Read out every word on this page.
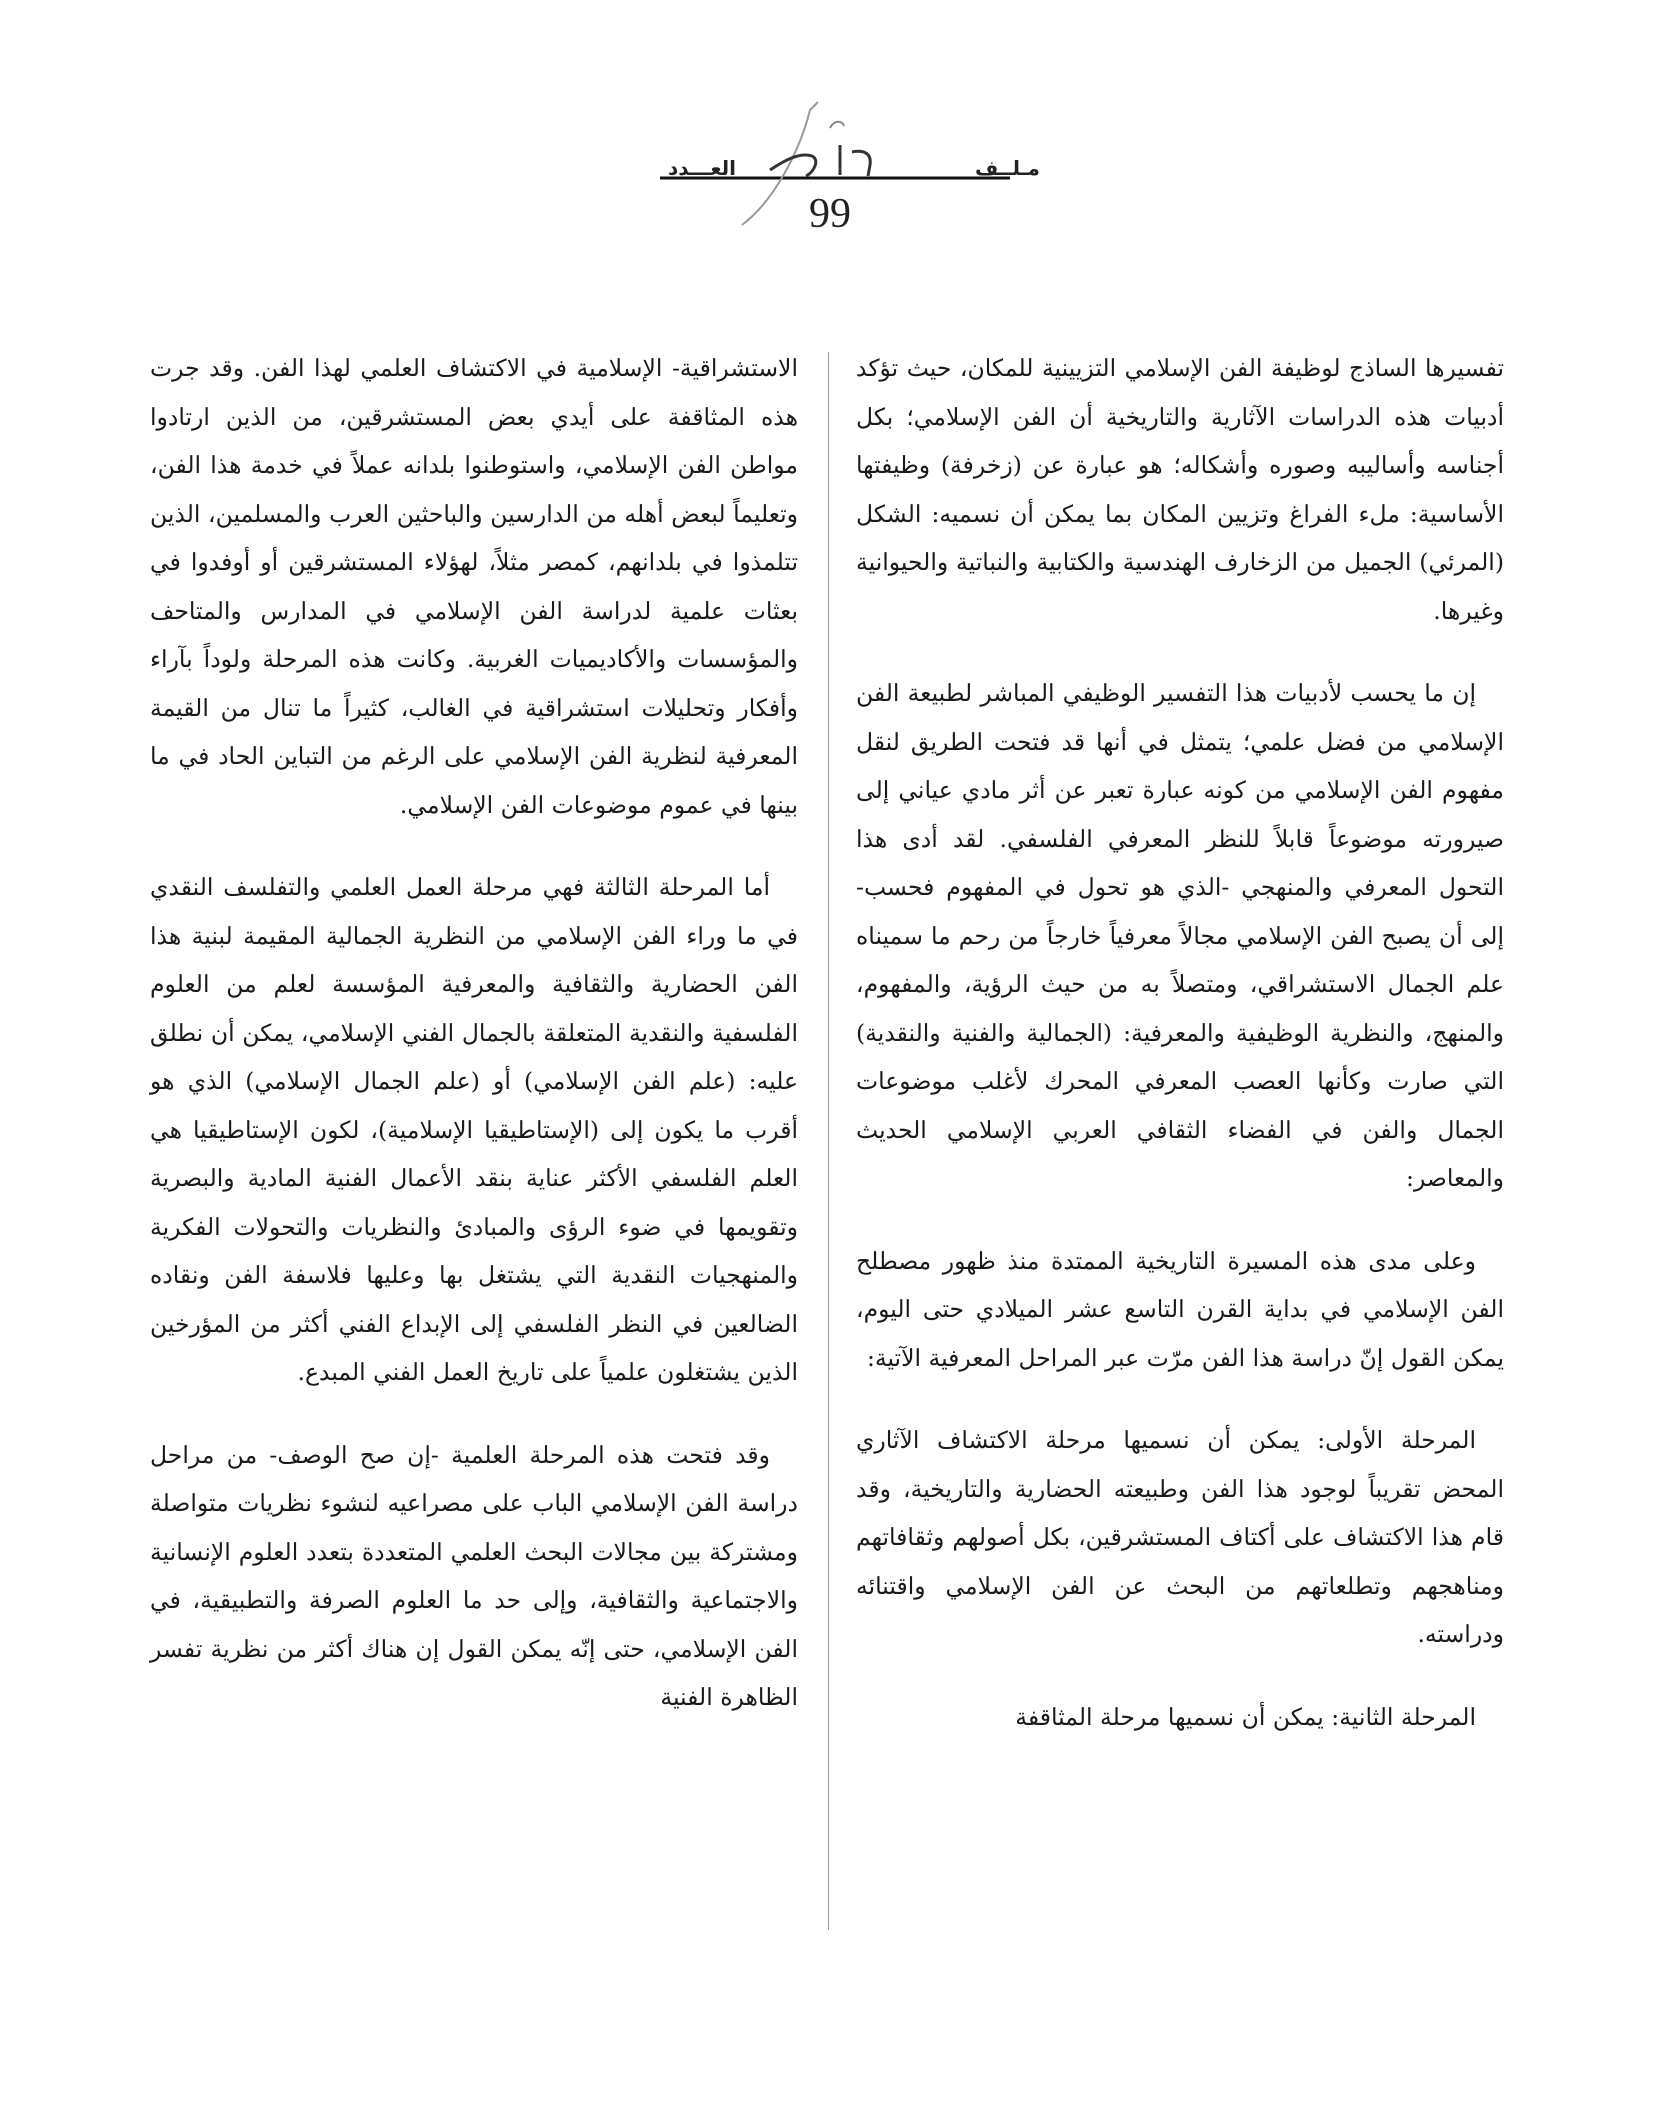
مـلــف
العـــدد
99

تفسيرها الساذج لوظيفة الفن الإسلامي التزيينية للمكان، حيث تؤكد أدبيات هذه الدراسات الآثارية والتاريخية أن الفن الإسلامي؛ بكل أجناسه وأساليبه وصوره وأشكاله؛ هو عبارة عن (زخرفة) وظيفتها الأساسية: ملء الفراغ وتزيين المكان بما يمكن أن نسميه: الشكل (المرئي) الجميل من الزخارف الهندسية والكتابية والنباتية والحيوانية وغيرها.

إن ما يحسب لأدبيات هذا التفسير الوظيفي المباشر لطبيعة الفن الإسلامي من فضل علمي؛ يتمثل في أنها قد فتحت الطريق لنقل مفهوم الفن الإسلامي من كونه عبارة تعبر عن أثر مادي عياني إلى صيرورته موضوعاً قابلاً للنظر المعرفي الفلسفي. لقد أدى هذا التحول المعرفي والمنهجي -الذي هو تحول في المفهوم فحسب- إلى أن يصبح الفن الإسلامي مجالاً معرفياً خارجاً من رحم ما سميناه علم الجمال الاستشراقي، ومتصلاً به من حيث الرؤية، والمفهوم، والمنهج، والنظرية الوظيفية والمعرفية: (الجمالية والفنية والنقدية) التي صارت وكأنها العصب المعرفي المحرك لأغلب موضوعات الجمال والفن في الفضاء الثقافي العربي الإسلامي الحديث والمعاصر:

وعلى مدى هذه المسيرة التاريخية الممتدة منذ ظهور مصطلح الفن الإسلامي في بداية القرن التاسع عشر الميلادي حتى اليوم، يمكن القول إنّ دراسة هذا الفن مرّت عبر المراحل المعرفية الآتية:

المرحلة الأولى: يمكن أن نسميها مرحلة الاكتشاف الآثاري المحض تقريباً لوجود هذا الفن وطبيعته الحضارية والتاريخية، وقد قام هذا الاكتشاف على أكتاف المستشرقين، بكل أصولهم وثقافاتهم ومناهجهم وتطلعاتهم من البحث عن الفن الإسلامي واقتنائه ودراسته.

المرحلة الثانية: يمكن أن نسميها مرحلة المثاقفة

الاستشراقية- الإسلامية في الاكتشاف العلمي لهذا الفن. وقد جرت هذه المثاقفة على أيدي بعض المستشرقين، من الذين ارتادوا مواطن الفن الإسلامي، واستوطنوا بلدانه عملاً في خدمة هذا الفن، وتعليماً لبعض أهله من الدارسين والباحثين العرب والمسلمين، الذين تتلمذوا في بلدانهم، كمصر مثلاً، لهؤلاء المستشرقين أو أوفدوا في بعثات علمية لدراسة الفن الإسلامي في المدارس والمتاحف والمؤسسات والأكاديميات الغربية. وكانت هذه المرحلة ولوداً بآراء وأفكار وتحليلات استشراقية في الغالب، كثيراً ما تنال من القيمة المعرفية لنظرية الفن الإسلامي على الرغم من التباين الحاد في ما بينها في عموم موضوعات الفن الإسلامي.

أما المرحلة الثالثة فهي مرحلة العمل العلمي والتفلسف النقدي في ما وراء الفن الإسلامي من النظرية الجمالية المقيمة لبنية هذا الفن الحضارية والثقافية والمعرفية المؤسسة لعلم من العلوم الفلسفية والنقدية المتعلقة بالجمال الفني الإسلامي، يمكن أن نطلق عليه: (علم الفن الإسلامي) أو (علم الجمال الإسلامي) الذي هو أقرب ما يكون إلى (الإستاطيقيا الإسلامية)، لكون الإستاطيقيا هي العلم الفلسفي الأكثر عناية بنقد الأعمال الفنية المادية والبصرية وتقويمها في ضوء الرؤى والمبادئ والنظريات والتحولات الفكرية والمنهجيات النقدية التي يشتغل بها وعليها فلاسفة الفن ونقاده الضالعين في النظر الفلسفي إلى الإبداع الفني أكثر من المؤرخين الذين يشتغلون علمياً على تاريخ العمل الفني المبدع.

وقد فتحت هذه المرحلة العلمية -إن صح الوصف- من مراحل دراسة الفن الإسلامي الباب على مصراعيه لنشوء نظريات متواصلة ومشتركة بين مجالات البحث العلمي المتعددة بتعدد العلوم الإنسانية والاجتماعية والثقافية، وإلى حد ما العلوم الصرفة والتطبيقية، في الفن الإسلامي، حتى إنّه يمكن القول إن هناك أكثر من نظرية تفسر الظاهرة الفنية
